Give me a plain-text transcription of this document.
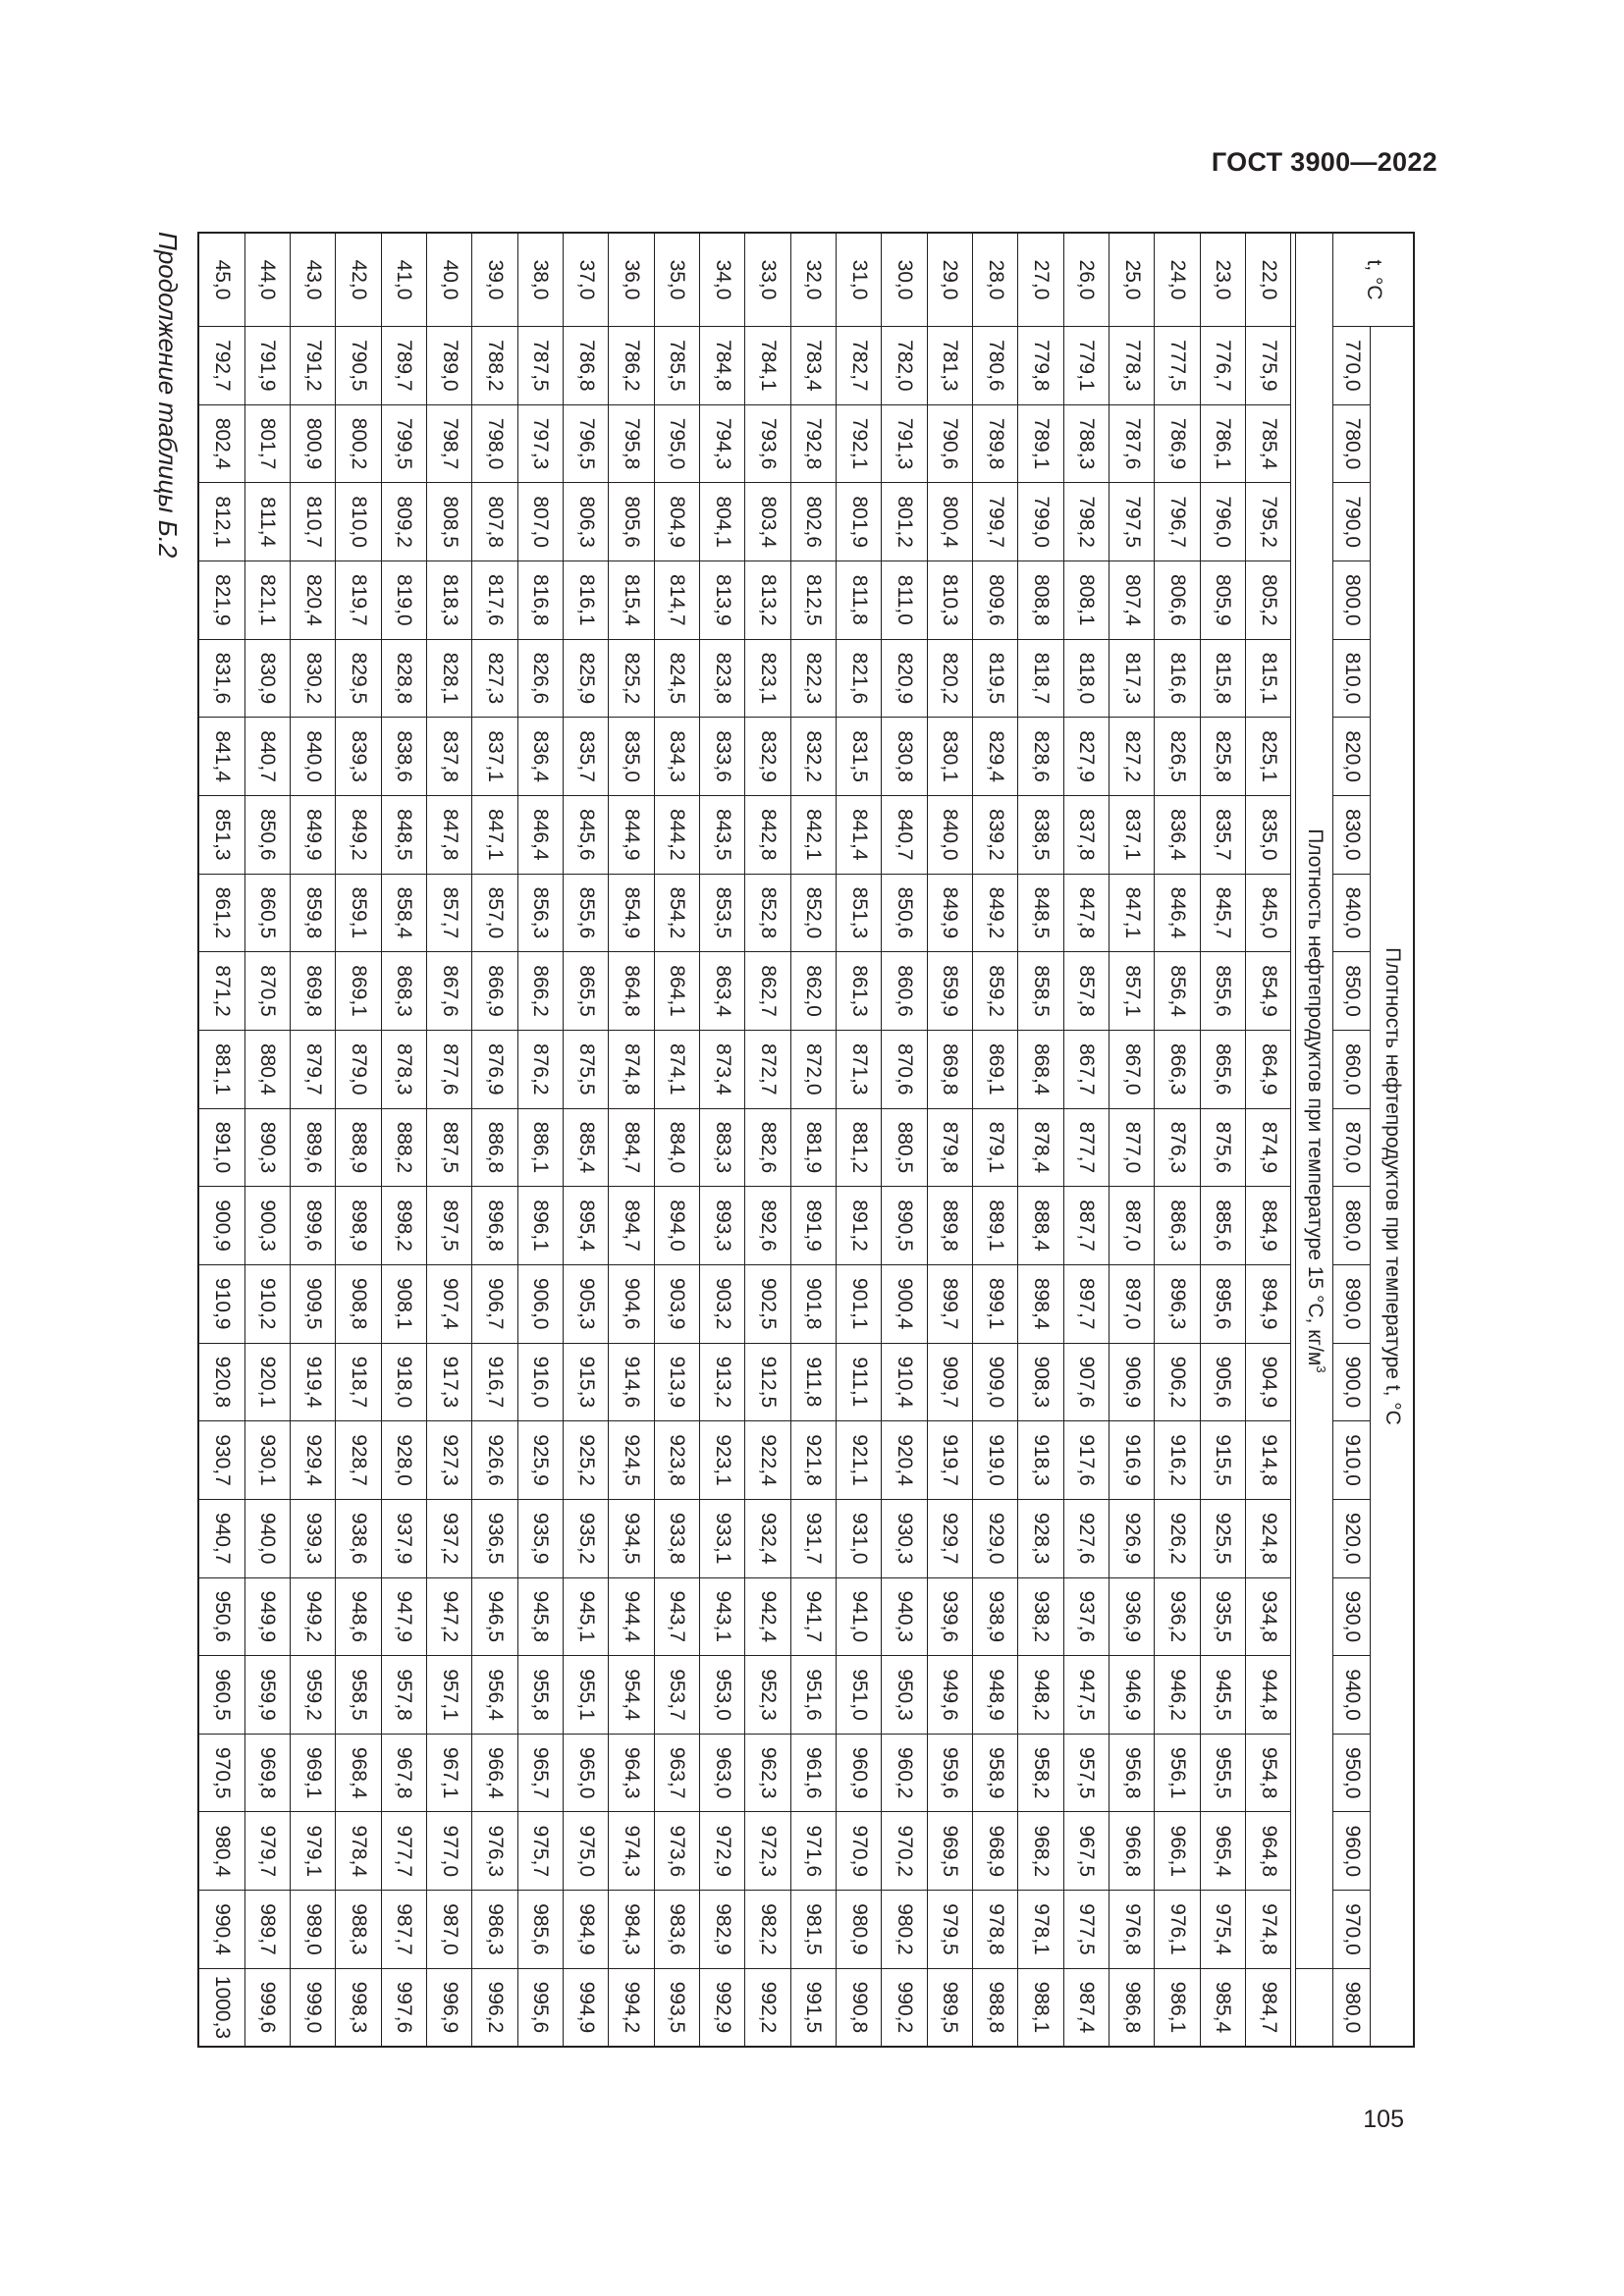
ГОСТ 3900—2022
t, °C	Плотность нефтепродуктов при температуре t, °C																					
	770,0	780,0	790,0	800,0	810,0	820,0	830,0	840,0	850,0	860,0	870,0	880,0	890,0	900,0	910,0	920,0	930,0	940,0	950,0	960,0	970,0	980,0
Плотность нефтепродуктов при температуре 15 °C, $кг/м^3$

22,0	775,9	785,4	795,2	805,2	815,1	825,1	835,0	845,0	854,9	864,9	874,9	884,9	894,9	904,9	914,8	924,8	934,8	944,8	954,8	964,8	974,8	984,7
23,0	776,7	786,1	796,0	805,9	815,8	825,8	835,7	845,7	855,6	865,6	875,6	885,6	895,6	905,6	915,5	925,5	935,5	945,5	955,5	965,4	975,4	985,4
24,0	777,5	786,9	796,7	806,6	816,6	826,5	836,4	846,4	856,4	866,3	876,3	886,3	896,3	906,2	916,2	926,2	936,2	946,2	956,1	966,1	976,1	986,1
25,0	778,3	787,6	797,5	807,4	817,3	827,2	837,1	847,1	857,1	867,0	877,0	887,0	897,0	906,9	916,9	926,9	936,9	946,9	956,8	966,8	976,8	986,8
26,0	779,1	788,3	798,2	808,1	818,0	827,9	837,8	847,8	857,8	867,7	877,7	887,7	897,7	907,6	917,6	927,6	937,6	947,5	957,5	967,5	977,5	987,4
27,0	779,8	789,1	799,0	808,8	818,7	828,6	838,5	848,5	858,5	868,4	878,4	888,4	898,4	908,3	918,3	928,3	938,2	948,2	958,2	968,2	978,1	988,1
28,0	780,6	789,8	799,7	809,6	819,5	829,4	839,2	849,2	859,2	869,1	879,1	889,1	899,1	909,0	919,0	929,0	938,9	948,9	958,9	968,9	978,8	988,8
29,0	781,3	790,6	800,4	810,3	820,2	830,1	840,0	849,9	859,9	869,8	879,8	889,8	899,7	909,7	919,7	929,7	939,6	949,6	959,6	969,5	979,5	989,5
30,0	782,0	791,3	801,2	811,0	820,9	830,8	840,7	850,6	860,6	870,6	880,5	890,5	900,4	910,4	920,4	930,3	940,3	950,3	960,2	970,2	980,2	990,2
31,0	782,7	792,1	801,9	811,8	821,6	831,5	841,4	851,3	861,3	871,3	881,2	891,2	901,1	911,1	921,1	931,0	941,0	951,0	960,9	970,9	980,9	990,8
32,0	783,4	792,8	802,6	812,5	822,3	832,2	842,1	852,0	862,0	872,0	881,9	891,9	901,8	911,8	921,8	931,7	941,7	951,6	961,6	971,6	981,5	991,5
33,0	784,1	793,6	803,4	813,2	823,1	832,9	842,8	852,8	862,7	872,7	882,6	892,6	902,5	912,5	922,4	932,4	942,4	952,3	962,3	972,3	982,2	992,2
34,0	784,8	794,3	804,1	813,9	823,8	833,6	843,5	853,5	863,4	873,4	883,3	893,3	903,2	913,2	923,1	933,1	943,1	953,0	963,0	972,9	982,9	992,9
35,0	785,5	795,0	804,9	814,7	824,5	834,3	844,2	854,2	864,1	874,1	884,0	894,0	903,9	913,9	923,8	933,8	943,7	953,7	963,7	973,6	983,6	993,5
36,0	786,2	795,8	805,6	815,4	825,2	835,0	844,9	854,9	864,8	874,8	884,7	894,7	904,6	914,6	924,5	934,5	944,4	954,4	964,3	974,3	984,3	994,2
37,0	786,8	796,5	806,3	816,1	825,9	835,7	845,6	855,6	865,5	875,5	885,4	895,4	905,3	915,3	925,2	935,2	945,1	955,1	965,0	975,0	984,9	994,9
38,0	787,5	797,3	807,0	816,8	826,6	836,4	846,4	856,3	866,2	876,2	886,1	896,1	906,0	916,0	925,9	935,9	945,8	955,8	965,7	975,7	985,6	995,6
39,0	788,2	798,0	807,8	817,6	827,3	837,1	847,1	857,0	866,9	876,9	886,8	896,8	906,7	916,7	926,6	936,5	946,5	956,4	966,4	976,3	986,3	996,2
40,0	789,0	798,7	808,5	818,3	828,1	837,8	847,8	857,7	867,6	877,6	887,5	897,5	907,4	917,3	927,3	937,2	947,2	957,1	967,1	977,0	987,0	996,9
41,0	789,7	799,5	809,2	819,0	828,8	838,6	848,5	858,4	868,3	878,3	888,2	898,2	908,1	918,0	928,0	937,9	947,9	957,8	967,8	977,7	987,7	997,6
42,0	790,5	800,2	810,0	819,7	829,5	839,3	849,2	859,1	869,1	879,0	888,9	898,9	908,8	918,7	928,7	938,6	948,6	958,5	968,4	978,4	988,3	998,3
43,0	791,2	800,9	810,7	820,4	830,2	840,0	849,9	859,8	869,8	879,7	889,6	899,6	909,5	919,4	929,4	939,3	949,2	959,2	969,1	979,1	989,0	999,0
44,0	791,9	801,7	811,4	821,1	830,9	840,7	850,6	860,5	870,5	880,4	890,3	900,3	910,2	920,1	930,1	940,0	949,9	959,9	969,8	979,7	989,7	999,6
45,0	792,7	802,4	812,1	821,9	831,6	841,4	851,3	861,2	871,2	881,1	891,0	900,9	910,9	920,8	930,7	940,7	950,6	960,5	970,5	980,4	990,4	1000,3
Продолжение таблицы Б.2
105
